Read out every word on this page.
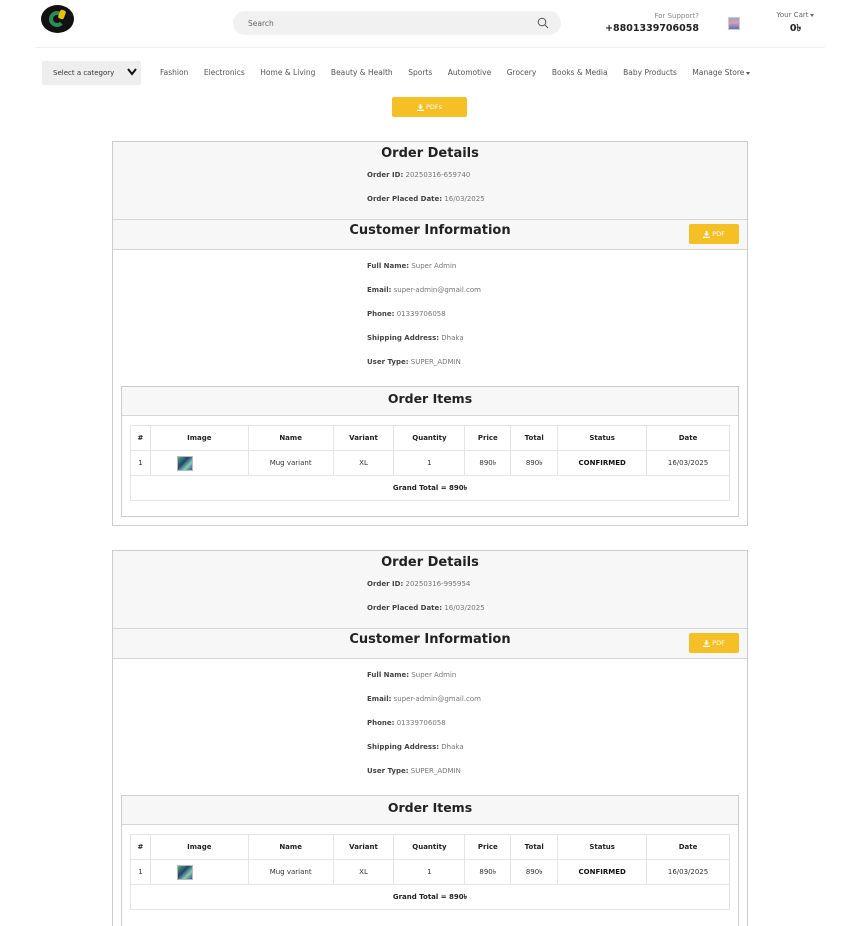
Search
For Support?
+8801339706058
Your Cart
0৳
Select a category	Fashion Electronics Home & Living Beauty & Health Sports Automotive Grocery Books & Media Baby Products Manage Store
PDFs
Order Details
Order ID: 20250316-659740
Order Placed Date: 16/03/2025
Customer Information	PDF
Full Name: Super Admin
Email: super-admin@gmail.com
Phone: 01339706058
Shipping Address: Dhaka
User Type: SUPER_ADMIN
Order Items
#	Image	Name	Variant	Quantity	Price	Total	Status	Date
1		Mug variant	XL	1	890৳	890৳	CONFIRMED	16/03/2025
Grand Total = 890৳								
Order Details
Order ID: 20250316-995954
Order Placed Date: 16/03/2025
Customer Information	PDF
Full Name: Super Admin
Email: super-admin@gmail.com
Phone: 01339706058
Shipping Address: Dhaka
User Type: SUPER_ADMIN
Order Items
#	Image	Name	Variant	Quantity	Price	Total	Status	Date
1		Mug variant	XL	1	890৳	890৳	CONFIRMED	16/03/2025
Grand Total = 890৳								
